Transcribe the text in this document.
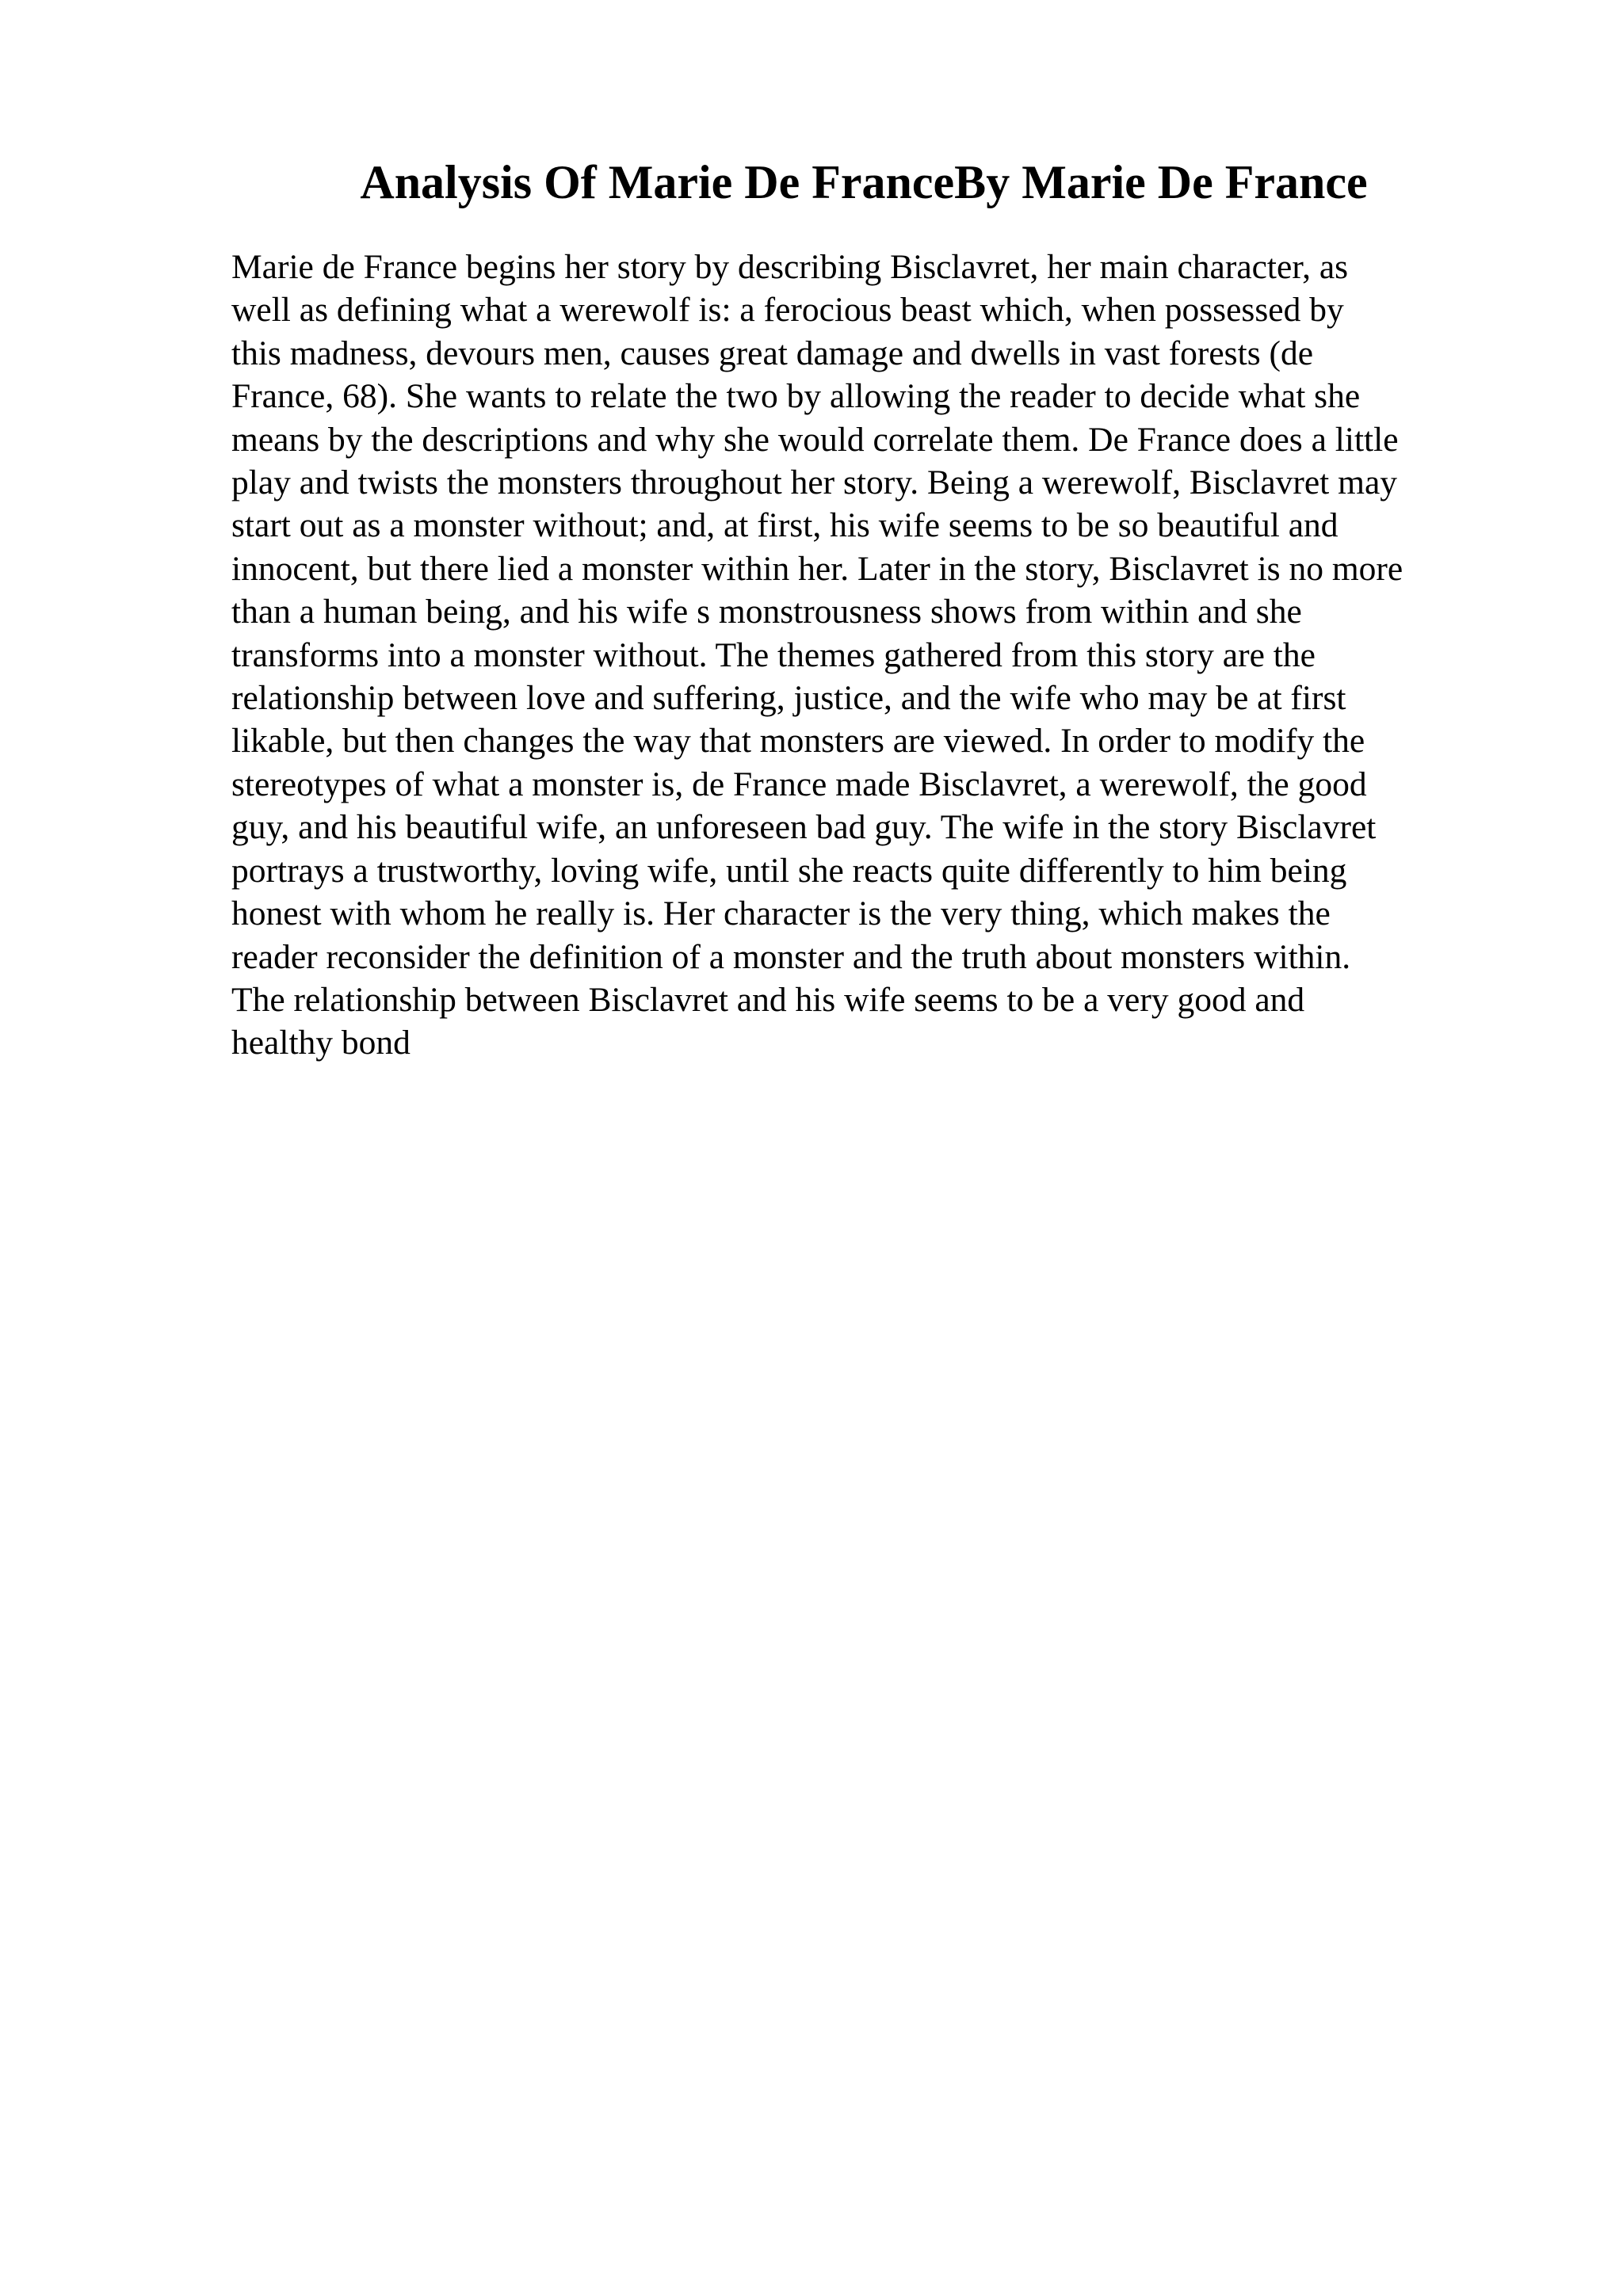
Analysis Of Marie De FranceBy Marie De France
Marie de France begins her story by describing Bisclavret, her main character, as
well as defining what a werewolf is: a ferocious beast which, when possessed by
this madness, devours men, causes great damage and dwells in vast forests (de
France, 68). She wants to relate the two by allowing the reader to decide what she
means by the descriptions and why she would correlate them. De France does a little
play and twists the monsters throughout her story. Being a werewolf, Bisclavret may
start out as a monster without; and, at first, his wife seems to be so beautiful and
innocent, but there lied a monster within her. Later in the story, Bisclavret is no more
than a human being, and his wife s monstrousness shows from within and she
transforms into a monster without. The themes gathered from this story are the
relationship between love and suffering, justice, and the wife who may be at first
likable, but then changes the way that monsters are viewed. In order to modify the
stereotypes of what a monster is, de France made Bisclavret, a werewolf, the good
guy, and his beautiful wife, an unforeseen bad guy. The wife in the story Bisclavret
portrays a trustworthy, loving wife, until she reacts quite differently to him being
honest with whom he really is. Her character is the very thing, which makes the
reader reconsider the definition of a monster and the truth about monsters within.
The relationship between Bisclavret and his wife seems to be a very good and
healthy bond
